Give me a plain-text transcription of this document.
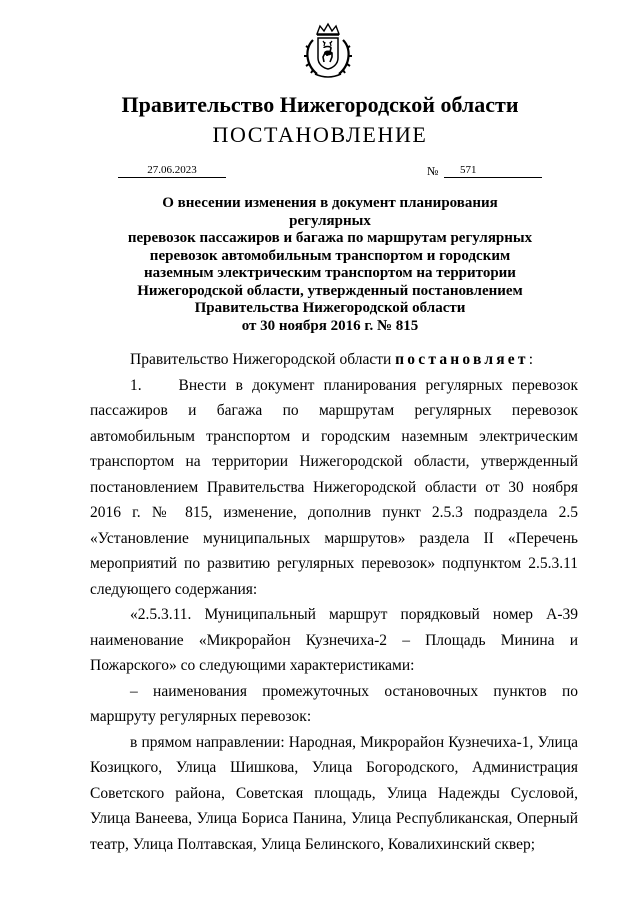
Правительство Нижегородской области
ПОСТАНОВЛЕНИЕ
27.06.2023	№	571
О внесении изменения в документ планирования регулярных
перевозок пассажиров и багажа по маршрутам регулярных
перевозок автомобильным транспортом и городским
наземным электрическим транспортом на территории
Нижегородской области, утвержденный постановлением
Правительства Нижегородской области
от 30 ноября 2016 г. № 815

Правительство Нижегородской области постановляет:

1.    Внести в документ планирования регулярных перевозок пассажиров и багажа по маршрутам регулярных перевозок автомобильным транспортом и городским наземным электрическим транспортом на территории Нижегородской области, утвержденный постановлением Правительства Нижегородской области от 30 ноября 2016 г. № 815, изменение, дополнив пункт 2.5.3 подраздела 2.5 «Установление муниципальных маршрутов» раздела II «Перечень мероприятий по развитию регулярных перевозок» подпунктом 2.5.3.11 следующего содержания:

«2.5.3.11. Муниципальный маршрут порядковый номер А-39 наименование «Микрорайон Кузнечиха-2 – Площадь Минина и Пожарского» со следующими характеристиками:

– наименования промежуточных остановочных пунктов по маршруту регулярных перевозок:

в прямом направлении: Народная, Микрорайон Кузнечиха-1, Улица Козицкого, Улица Шишкова, Улица Богородского, Администрация Советского района, Советская площадь, Улица Надежды Сусловой, Улица Ванеева, Улица Бориса Панина, Улица Республиканская, Оперный театр, Улица Полтавская, Улица Белинского, Ковалихинский сквер;
